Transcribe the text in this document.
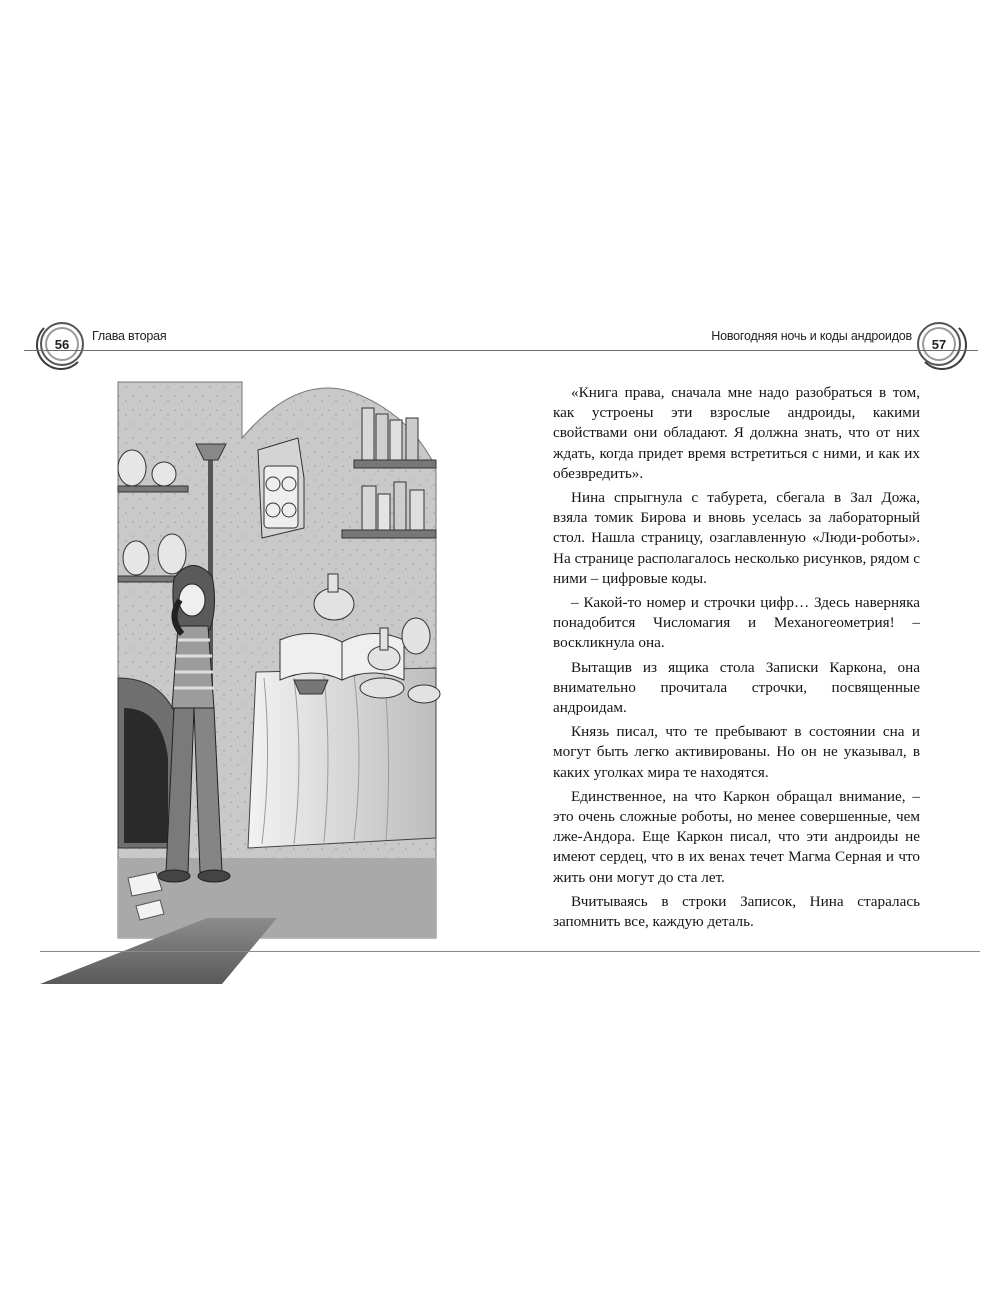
56
Глава вторая	Новогодняя ночь и коды андроидов
57

«Книга права, сначала мне надо разобраться в том, как устроены эти взрослые андроиды, какими свойствами они обладают. Я должна знать, что от них ждать, когда придет время встретиться с ними, и как их обезвредить».

Нина спрыгнула с табурета, сбегала в Зал Дожа, взяла томик Бирова и вновь уселась за лабораторный стол. Нашла страницу, озаглавленную «Люди-роботы». На странице располагалось несколько рисунков, рядом с ними – цифровые коды.

– Какой-то номер и строчки цифр… Здесь наверняка понадобится Числомагия и Механогеометрия! – воскликнула она.

Вытащив из ящика стола Записки Каркона, она внимательно прочитала строчки, посвященные андроидам.

Князь писал, что те пребывают в состоянии сна и могут быть легко активированы. Но он не указывал, в каких уголках мира те находятся.

Единственное, на что Каркон обращал внимание, – это очень сложные роботы, но менее совершенные, чем лже-Андора. Еще Каркон писал, что эти андроиды не имеют сердец, что в их венах течет Магма Серная и что жить они могут до ста лет.

Вчитываясь в строки Записок, Нина старалась запомнить все, каждую деталь.
